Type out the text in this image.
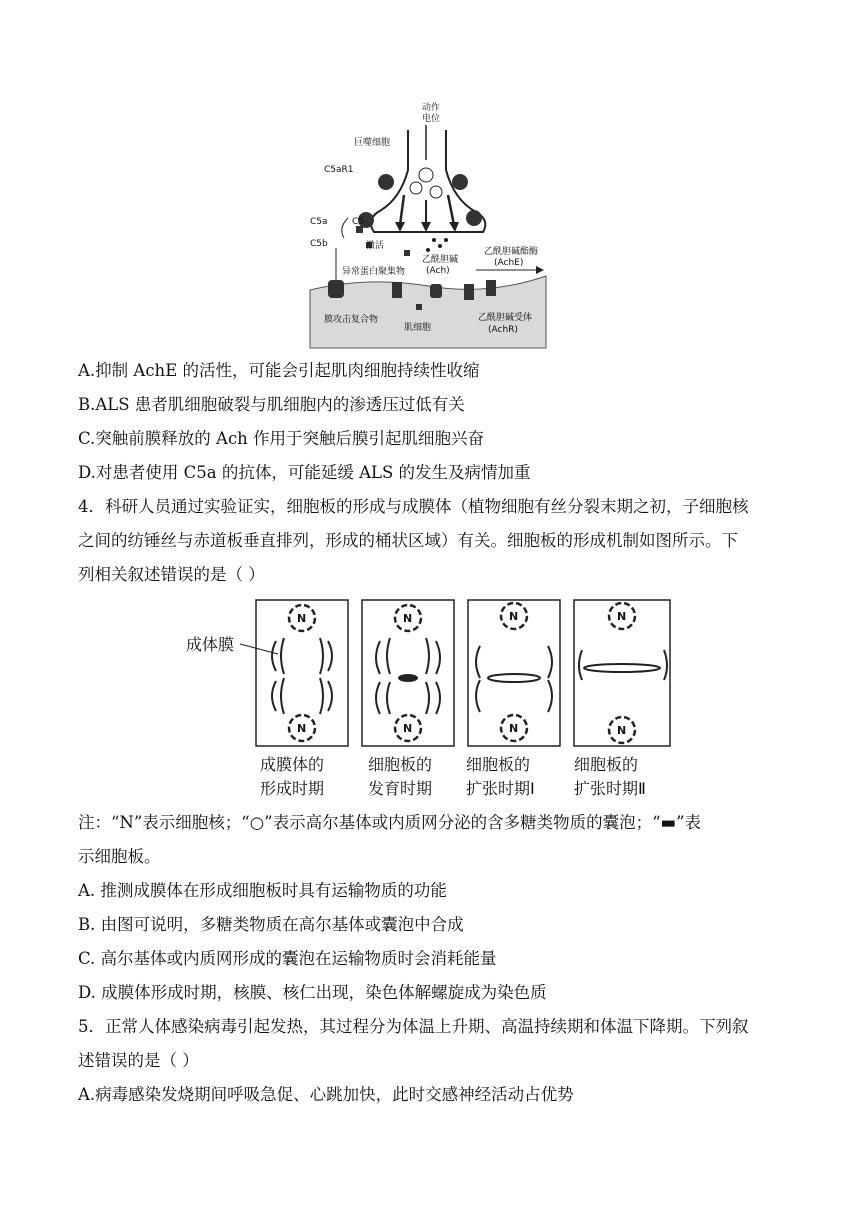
动作
电位
巨噬细胞
C5aR1
C5a	C5
C5b	激活
异常蛋白聚集物
乙酰胆碱
(Ach)
乙酰胆碱酯酶
(AchE)
膜攻击复合物
肌细胞
乙酰胆碱受体
(AchR)
A.抑制 AchE 的活性，可能会引起肌肉细胞持续性收缩
B.ALS 患者肌细胞破裂与肌细胞内的渗透压过低有关
C.突触前膜释放的 Ach 作用于突触后膜引起肌细胞兴奋
D.对患者使用 C5a 的抗体，可能延缓 ALS 的发生及病情加重
4．科研人员通过实验证实，细胞板的形成与成膜体（植物细胞有丝分裂末期之初，子细胞核
之间的纺锤丝与赤道板垂直排列，形成的桶状区域）有关。细胞板的形成机制如图所示。下
列相关叙述错误的是（ ）
成体膜
N
N
N
N
N
N
N
N
成膜体的
形成时期
细胞板的
发育时期
细胞板的
扩张时期Ⅰ
细胞板的
扩张时期Ⅱ
注：“N”表示细胞核；“○”表示高尔基体或内质网分泌的含多糖类物质的囊泡；“▬”表
示细胞板。
A. 推测成膜体在形成细胞板时具有运输物质的功能
B. 由图可说明，多糖类物质在高尔基体或囊泡中合成
C. 高尔基体或内质网形成的囊泡在运输物质时会消耗能量
D. 成膜体形成时期，核膜、核仁出现，染色体解螺旋成为染色质
5．正常人体感染病毒引起发热，其过程分为体温上升期、高温持续期和体温下降期。下列叙
述错误的是（ ）
A.病毒感染发烧期间呼吸急促、心跳加快，此时交感神经活动占优势
